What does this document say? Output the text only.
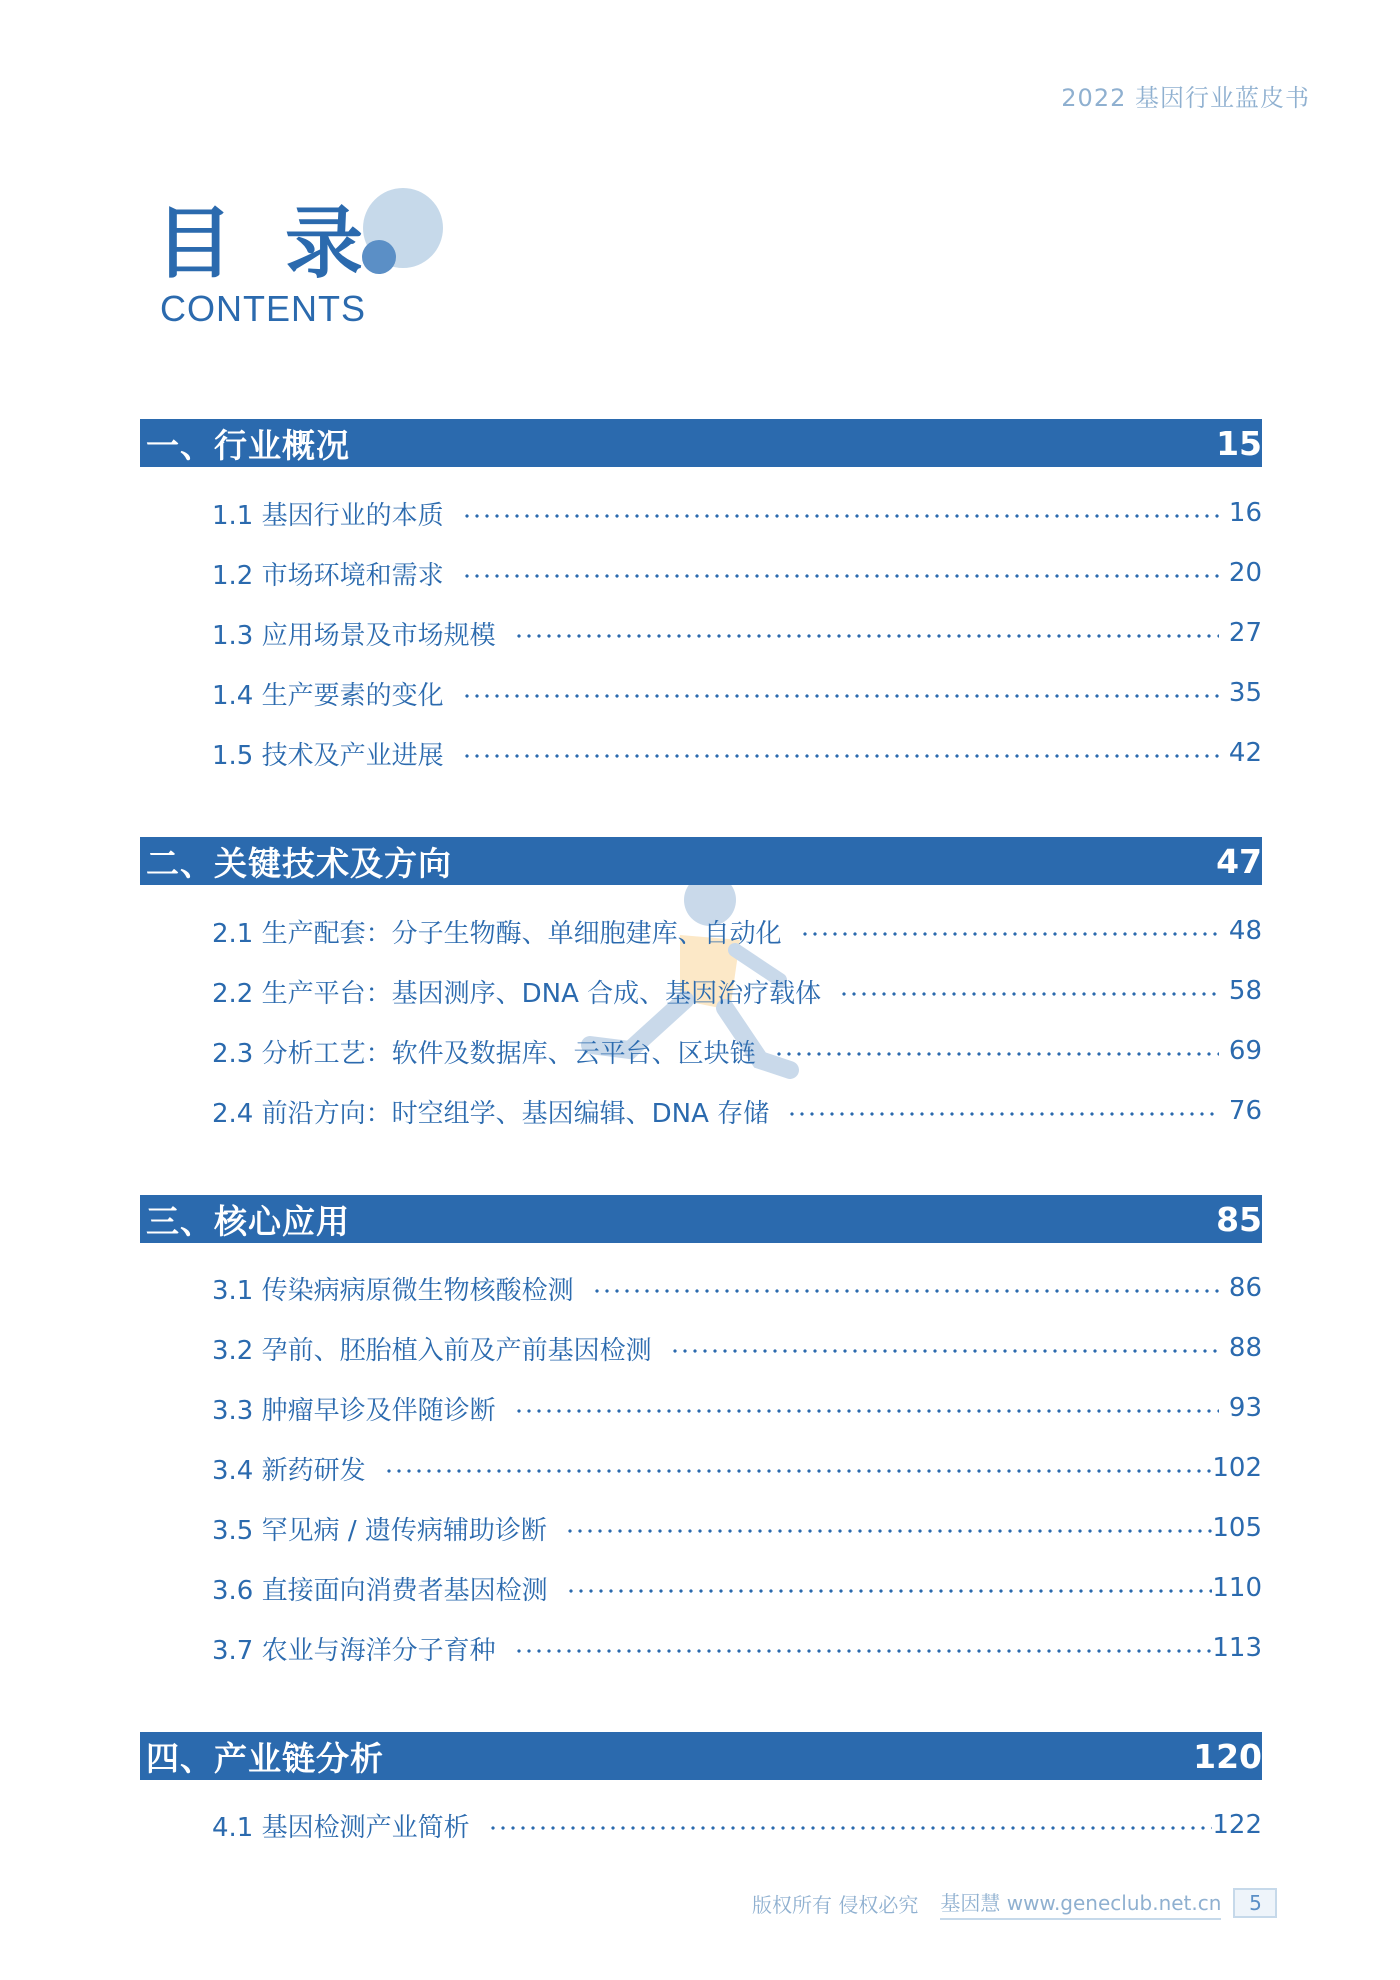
2022 基因行业蓝皮书
目录
CONTENTS
一、行业概况	15
1.1 基因行业的本质	16
1.2 市场环境和需求	20
1.3 应用场景及市场规模	27
1.4 生产要素的变化	35
1.5 技术及产业进展	42
二、关键技术及方向	47
2.1 生产配套：分子生物酶、单细胞建库、自动化	48
2.2 生产平台：基因测序、DNA 合成、基因治疗载体	58
2.3 分析工艺：软件及数据库、云平台、区块链	69
2.4 前沿方向：时空组学、基因编辑、DNA 存储	76
三、核心应用	85
3.1 传染病病原微生物核酸检测	86
3.2 孕前、胚胎植入前及产前基因检测	88
3.3 肿瘤早诊及伴随诊断	93
3.4 新药研发	102
3.5 罕见病 / 遗传病辅助诊断	105
3.6 直接面向消费者基因检测	110
3.7 农业与海洋分子育种	113
四、产业链分析	120
4.1 基因检测产业简析	122
版权所有 侵权必究 基因慧 www.geneclub.net.cn	5
